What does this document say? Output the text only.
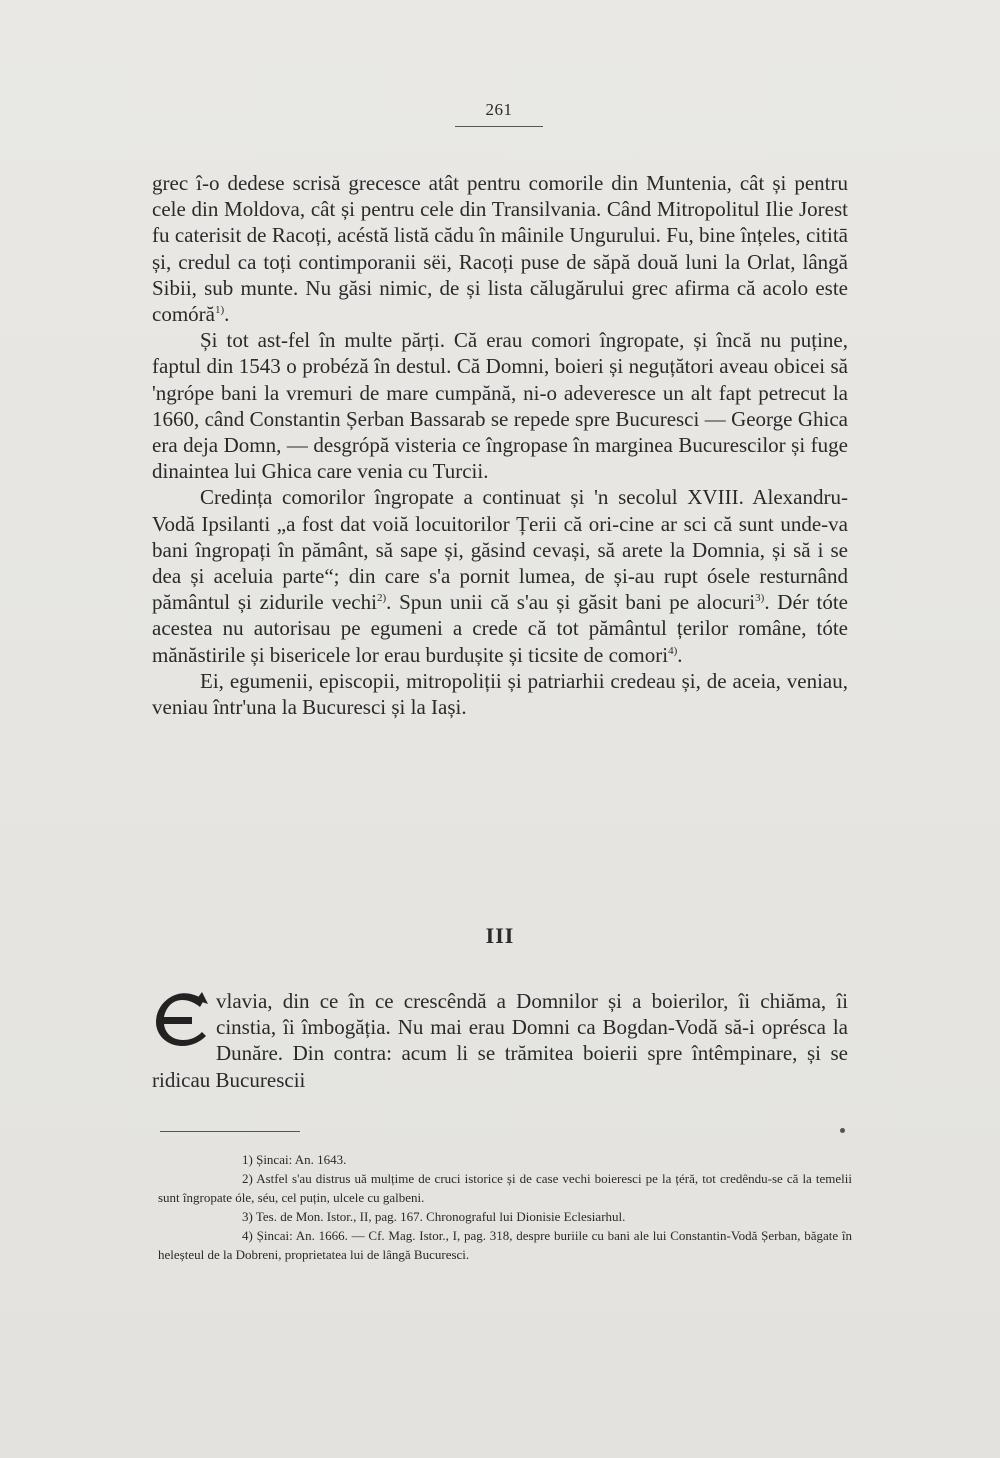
261

grec î-o dedese scrisă grecesce atât pentru comorile din Muntenia, cât și pentru cele din Moldova, cât și pentru cele din Transilvania. Când Mitropolitul Ilie Jorest fu caterisit de Racoți, acéstă listă cădu în mâinile Ungurului. Fu, bine înțeles, cititā și, credul ca toți contimporanii sëi, Racoți puse de săpă două luni la Orlat, lângă Sibii, sub munte. Nu găsi nimic, de și lista călugărului grec afirma că acolo este comóră$^{1)}$.

Și tot ast-fel în multe părți. Că erau comori îngropate, și încă nu puține, faptul din 1543 o probéză în destul. Că Domni, boieri și neguțători aveau obicei să 'ngrópe bani la vremuri de mare cumpănă, ni-o adeveresce un alt fapt petrecut la 1660, când Constantin Șerban Bassarab se repede spre Bucuresci — George Ghica era deja Domn, — desgrópă visteria ce îngropase în marginea Bucurescilor și fuge dinaintea lui Ghica care venia cu Turcii.

Credința comorilor îngropate a continuat și 'n secolul XVIII. Alexandru-Vodă Ipsilanti „a fost dat voiă locuitorilor Țerii că ori-cine ar sci că sunt unde-va bani îngropați în pământ, să sape și, găsind cevași, să arete la Domnia, și să i se dea și aceluia parte“; din care s'a pornit lumea, de și-au rupt ósele resturnând pământul și zidurile vechi$^{2)}$. Spun unii că s'au și găsit bani pe alocuri$^{3)}$. Dér tóte acestea nu autorisau pe egumeni a crede că tot pământul țerilor române, tóte mănăstirile și bisericele lor erau burdușite și ticsite de comori$^{4)}$.

Ei, egumenii, episcopii, mitropoliții și patriarhii credeau și, de aceia, veniau, veniau într'una la Bucuresci și la Iași.

III
vlavia, din ce în ce crescêndă a Domnilor și a boierilor, îi chiăma, îi cinstia, îi îmbogăția. Nu mai erau Domni ca Bogdan-Vodă să-i oprésca la Dunăre. Din contra: acum li se trămitea boierii spre întêmpinare, și se ridicau Bucurescii

1) Șincai: An. 1643.

2) Astfel s'au distrus uă mulțime de cruci istorice și de case vechi boieresci pe la țéră, tot credêndu-se că la temelii sunt îngropate óle, séu, cel puțin, ulcele cu galbeni.

3) Tes. de Mon. Istor., II, pag. 167. Chronograful lui Dionisie Eclesiarhul.

4) Șincai: An. 1666. — Cf. Mag. Istor., I, pag. 318, despre buriile cu bani ale lui Constantin-Vodă Șerban, băgate în heleșteul de la Dobreni, proprietatea lui de lângă Bucuresci.
